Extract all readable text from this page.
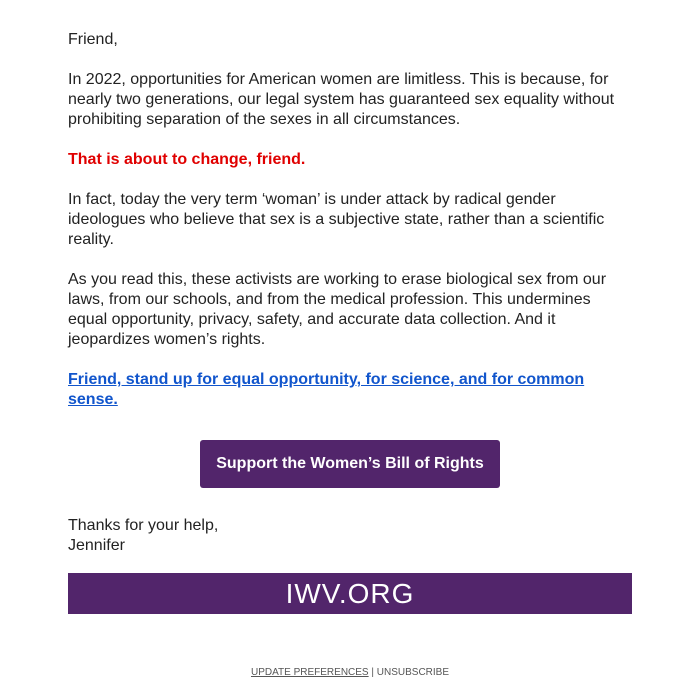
Friend,

In 2022, opportunities for American women are limitless. This is because, for nearly two generations, our legal system has guaranteed sex equality without prohibiting separation of the sexes in all circumstances.

That is about to change, friend.

In fact, today the very term ‘woman’ is under attack by radical gender ideologues who believe that sex is a subjective state, rather than a scientific reality.

As you read this, these activists are working to erase biological sex from our laws, from our schools, and from the medical profession. This undermines equal opportunity, privacy, safety, and accurate data collection. And it jeopardizes women’s rights.

Friend, stand up for equal opportunity, for science, and for common sense.

Support the Women’s Bill of Rights
Thanks for your help,
Jennifer
IWV.ORG
UPDATE PREFERENCES | UNSUBSCRIBE
